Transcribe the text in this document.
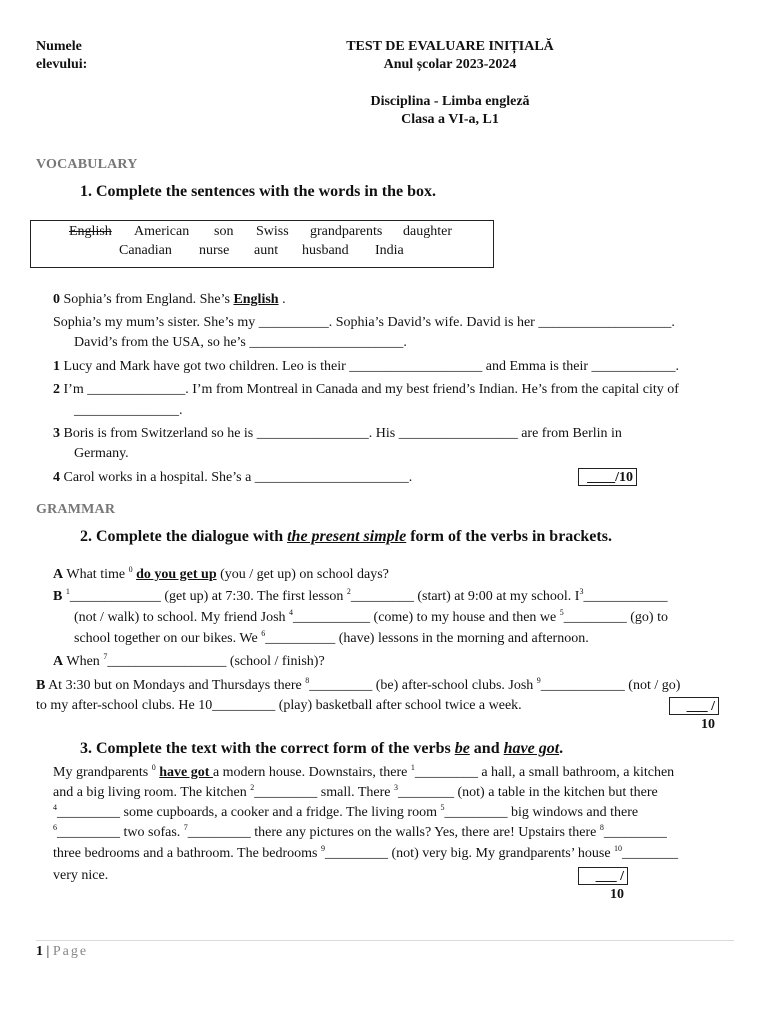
Numele
elevului:
TEST DE EVALUARE INIȚIALĂ
Anul școlar 2023-2024
Disciplina - Limba engleză
Clasa a VI-a, L1
VOCABULARY
1. Complete the sentences with the words in the box.
English American son Swiss grandparents daughter
Canadian nurse aunt husband India
0 Sophia’s from England. She’s English .
Sophia’s my mum’s sister. She’s my __________. Sophia’s David’s wife. David is her ___________________.
David’s from the USA, so he’s ______________________.
1 Lucy and Mark have got two children. Leo is their ___________________ and Emma is their ____________.
2 I’m ______________. I’m from Montreal in Canada and my best friend’s Indian. He’s from the capital city of
_______________.
3 Boris is from Switzerland so he is ________________. His _________________ are from Berlin in
Germany.
4 Carol works in a hospital. She’s a ______________________.	____/10
GRAMMAR
2. Complete the dialogue with the present simple form of the verbs in brackets.
A What time $^0$ do you get up (you / get up) on school days?
B $^1$_____________ (get up) at 7:30. The first lesson $^2$_________ (start) at 9:00 at my school. $I^3\_\_\_\_\_\_\_\_\_\_\_\_$
(not / walk) to school. My friend Josh $^4$___________ (come) to my house and then we $^5$_________ (go) to
school together on our bikes. We $^6$__________ (have) lessons in the morning and afternoon.
A When $^7$_________________ (school / finish)?
B At 3:30 but on Mondays and Thursdays there $^8$_________ (be) after-school clubs. Josh $^9$____________ (not / go)
to my after-school clubs. He 10_________ (play) basketball after school twice a week.	___ / 10
3. Complete the text with the correct form of the verbs be and have got.
My grandparents $^0$ have got a modern house. Downstairs, there $^1$_________ a hall, a small bathroom, a kitchen
and a big living room. The kitchen $^2$_________ small. There $^3$________ (not) a table in the kitchen but there
$^4$_________ some cupboards, a cooker and a fridge. The living room $^5$_________ big windows and there
$^6$_________ two sofas. $^7$_________ there any pictures on the walls? Yes, there are! Upstairs there $^8$_________
three bedrooms and a bathroom. The bedrooms $^9$_________ (not) very big. My grandparents’ house $^{10}$________
very nice.	___ / 10
1 | Page
